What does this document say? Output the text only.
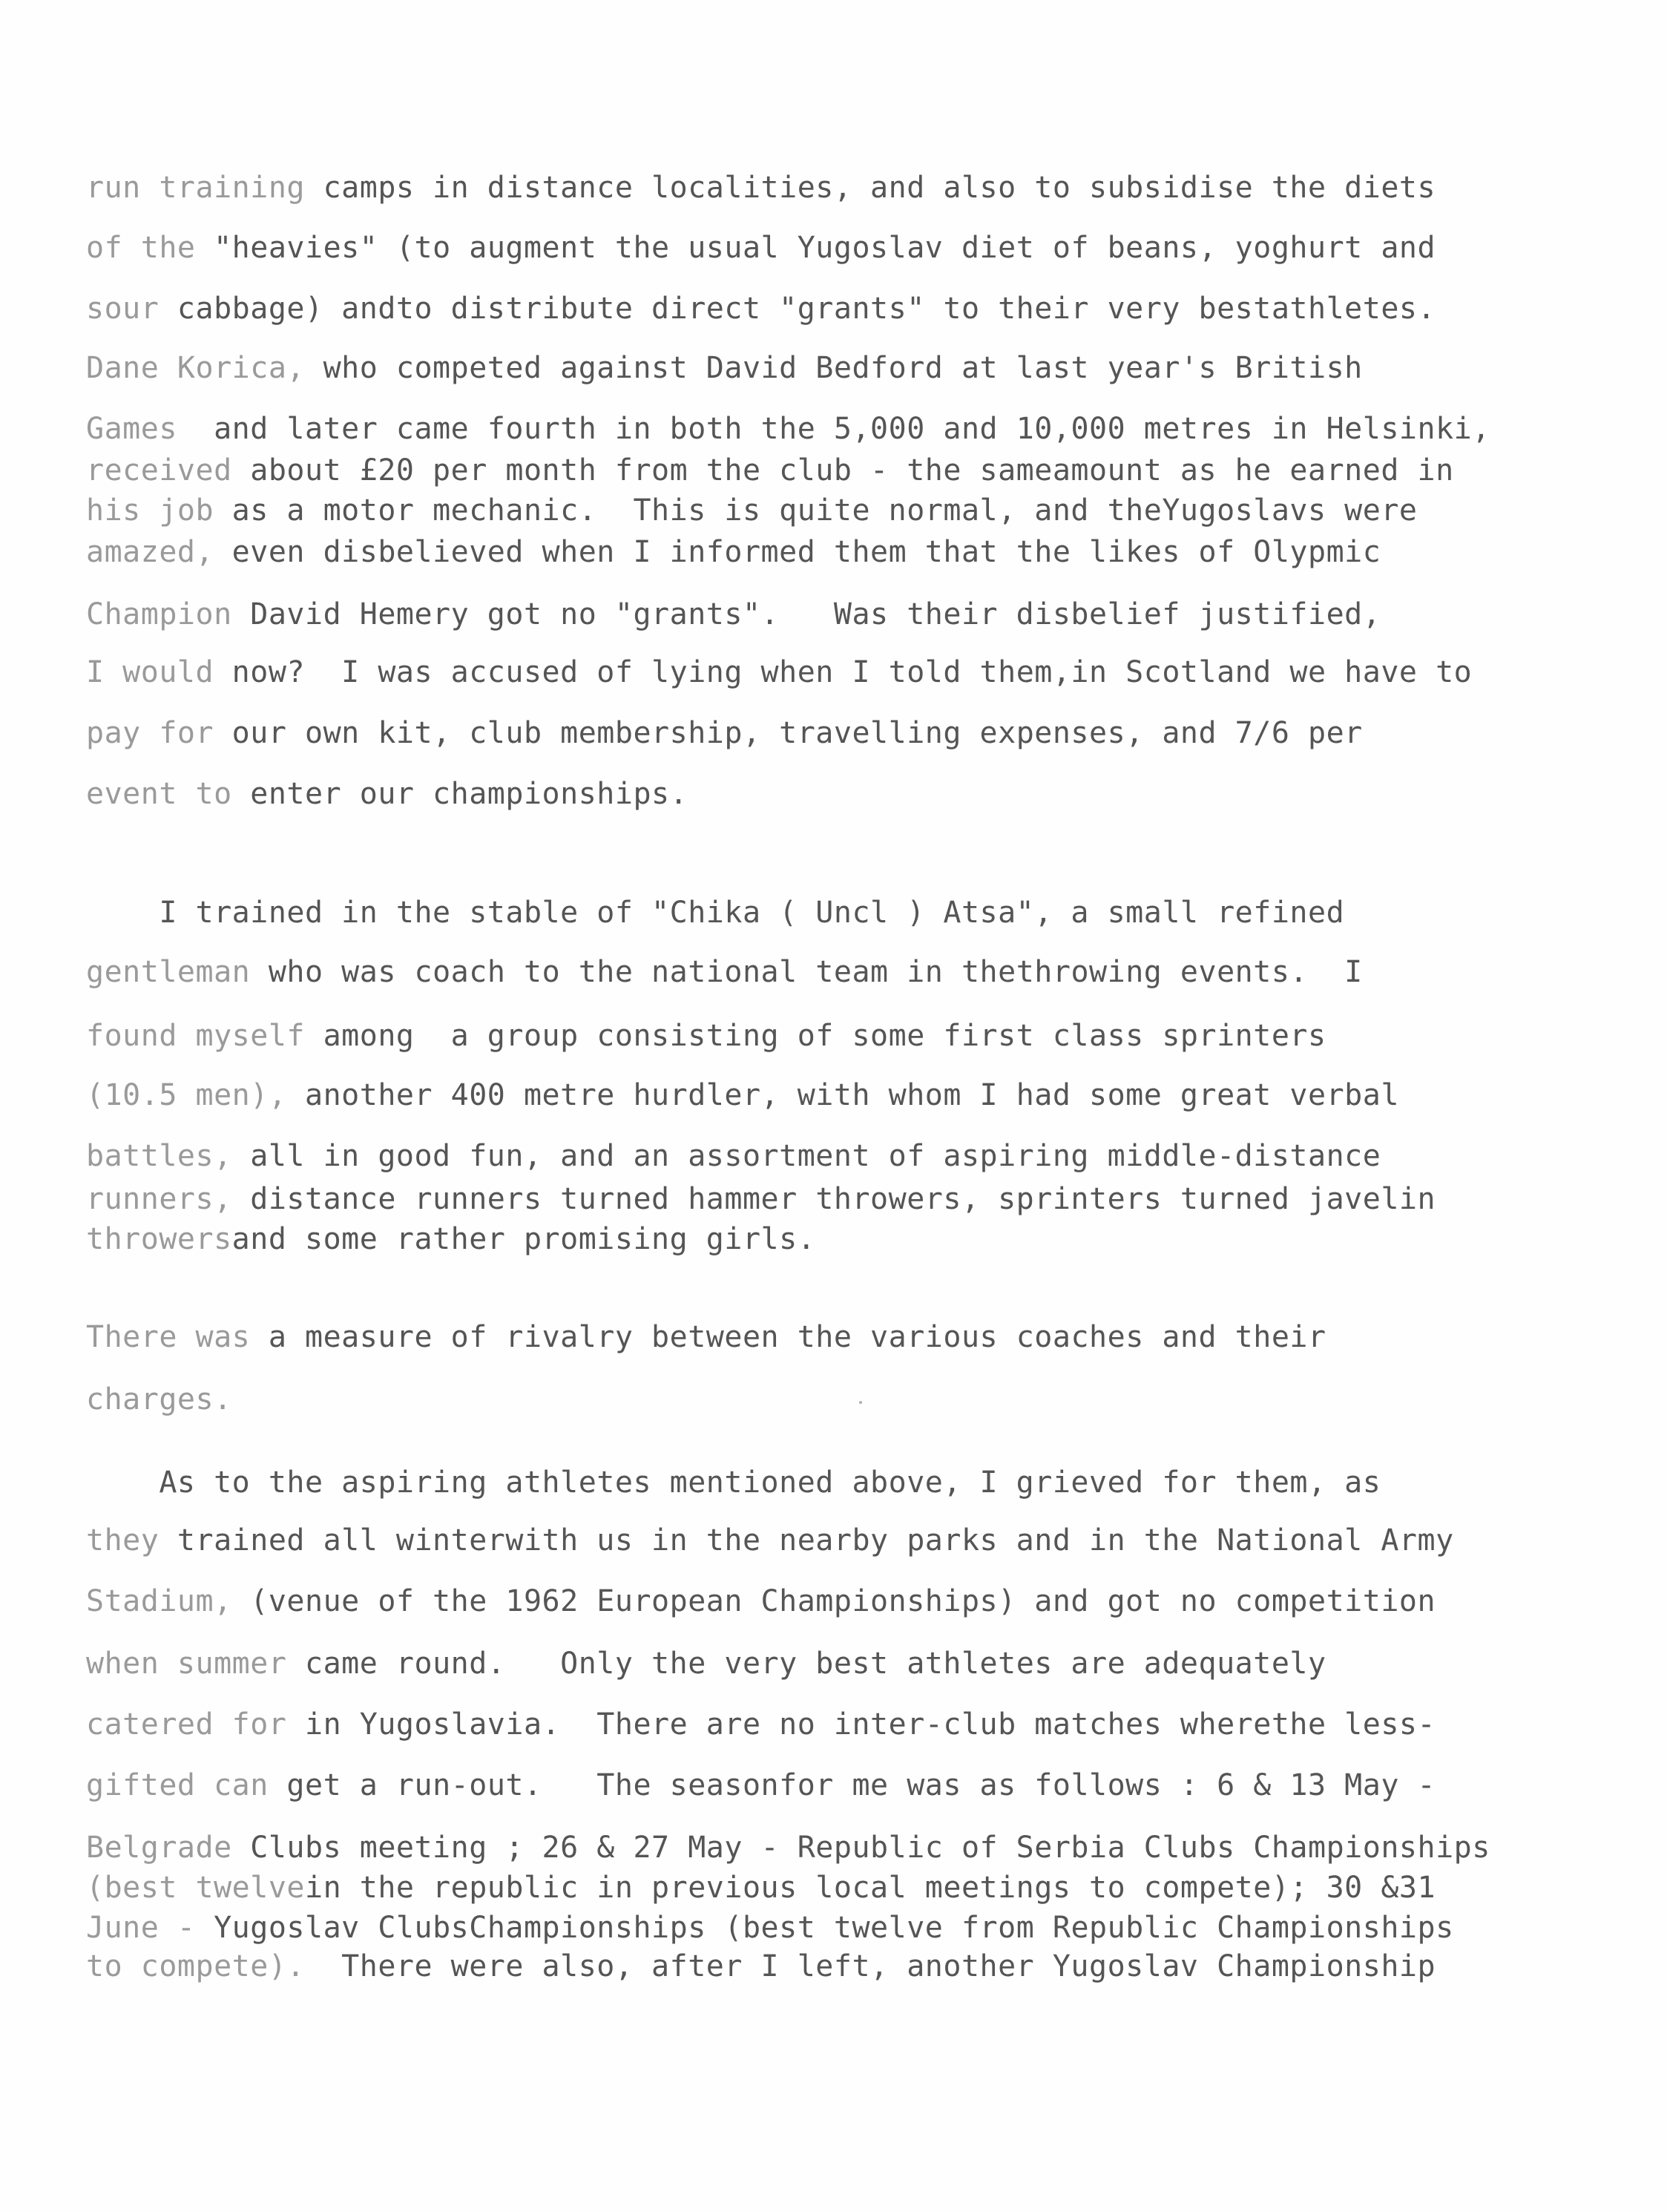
run training camps in distance localities, and also to subsidise the diets
of the "heavies" (to augment the usual Yugoslav diet of beans, yoghurt and
sour cabbage) andto distribute direct "grants" to their very bestathletes.
Dane Korica, who competed against David Bedford at last year's British
Games  and later came fourth in both the 5,000 and 10,000 metres in Helsinki,
received about £20 per month from the club - the sameamount as he earned in
his job as a motor mechanic.  This is quite normal, and theYugoslavs were
amazed, even disbelieved when I informed them that the likes of Olypmic
Champion David Hemery got no "grants".   Was their disbelief justified,
I would now?  I was accused of lying when I told them,in Scotland we have to
pay for our own kit, club membership, travelling expenses, and 7/6 per
event to enter our championships.
I trained in the stable of "Chika ( Uncl ) Atsa", a small refined
gentleman who was coach to the national team in thethrowing events.  I
found myself among  a group consisting of some first class sprinters
(10.5 men), another 400 metre hurdler, with whom I had some great verbal
battles, all in good fun, and an assortment of aspiring middle-distance
runners, distance runners turned hammer throwers, sprinters turned javelin
throwersand some rather promising girls.
There was a measure of rivalry between the various coaches and their
charges.
As to the aspiring athletes mentioned above, I grieved for them, as
they trained all winterwith us in the nearby parks and in the National Army
Stadium, (venue of the 1962 European Championships) and got no competition
when summer came round.   Only the very best athletes are adequately
catered for in Yugoslavia.  There are no inter-club matches wherethe less-
gifted can get a run-out.   The seasonfor me was as follows : 6 & 13 May -
Belgrade Clubs meeting ; 26 & 27 May - Republic of Serbia Clubs Championships
(best twelvein the republic in previous local meetings to compete); 30 &31
June - Yugoslav ClubsChampionships (best twelve from Republic Championships
to compete).  There were also, after I left, another Yugoslav Championship
